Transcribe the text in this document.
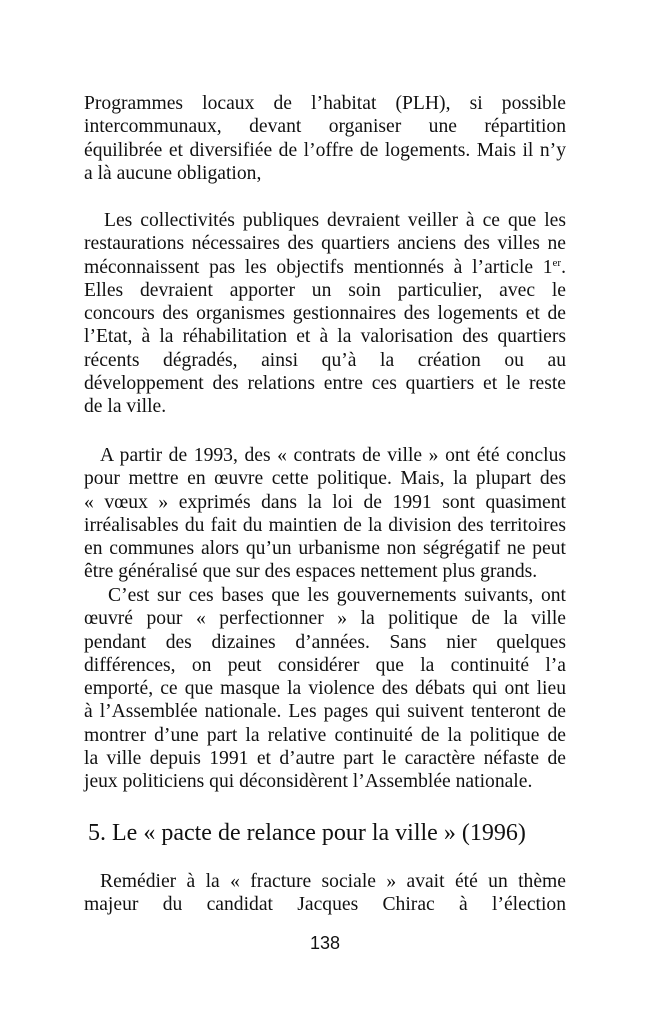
Programmes locaux de l’habitat (PLH), si possible
intercommunaux, devant organiser une répartition
équilibrée et diversifiée de l’offre de logements. Mais il n’y
a là aucune obligation,
Les collectivités publiques devraient veiller à ce que les
restaurations nécessaires des quartiers anciens des villes ne
méconnaissent pas les objectifs mentionnés à l’article 1er.
Elles devraient apporter un soin particulier, avec le
concours des organismes gestionnaires des logements et de
l’Etat, à la réhabilitation et à la valorisation des quartiers
récents dégradés, ainsi qu’à la création ou au
développement des relations entre ces quartiers et le reste
de la ville.
A partir de 1993, des « contrats de ville » ont été conclus
pour mettre en œuvre cette politique. Mais, la plupart des
« vœux » exprimés dans la loi de 1991 sont quasiment
irréalisables du fait du maintien de la division des territoires
en communes alors qu’un urbanisme non ségrégatif ne peut
être généralisé que sur des espaces nettement plus grands.
C’est sur ces bases que les gouvernements suivants, ont
œuvré pour « perfectionner » la politique de la ville
pendant des dizaines d’années. Sans nier quelques
différences, on peut considérer que la continuité l’a
emporté, ce que masque la violence des débats qui ont lieu
à l’Assemblée nationale. Les pages qui suivent tenteront de
montrer d’une part la relative continuité de la politique de
la ville depuis 1991 et d’autre part le caractère néfaste de
jeux politiciens qui déconsidèrent l’Assemblée nationale.
5. Le « pacte de relance pour la ville » (1996)
Remédier à la « fracture sociale » avait été un thème
majeur du candidat Jacques Chirac à l’élection
138
